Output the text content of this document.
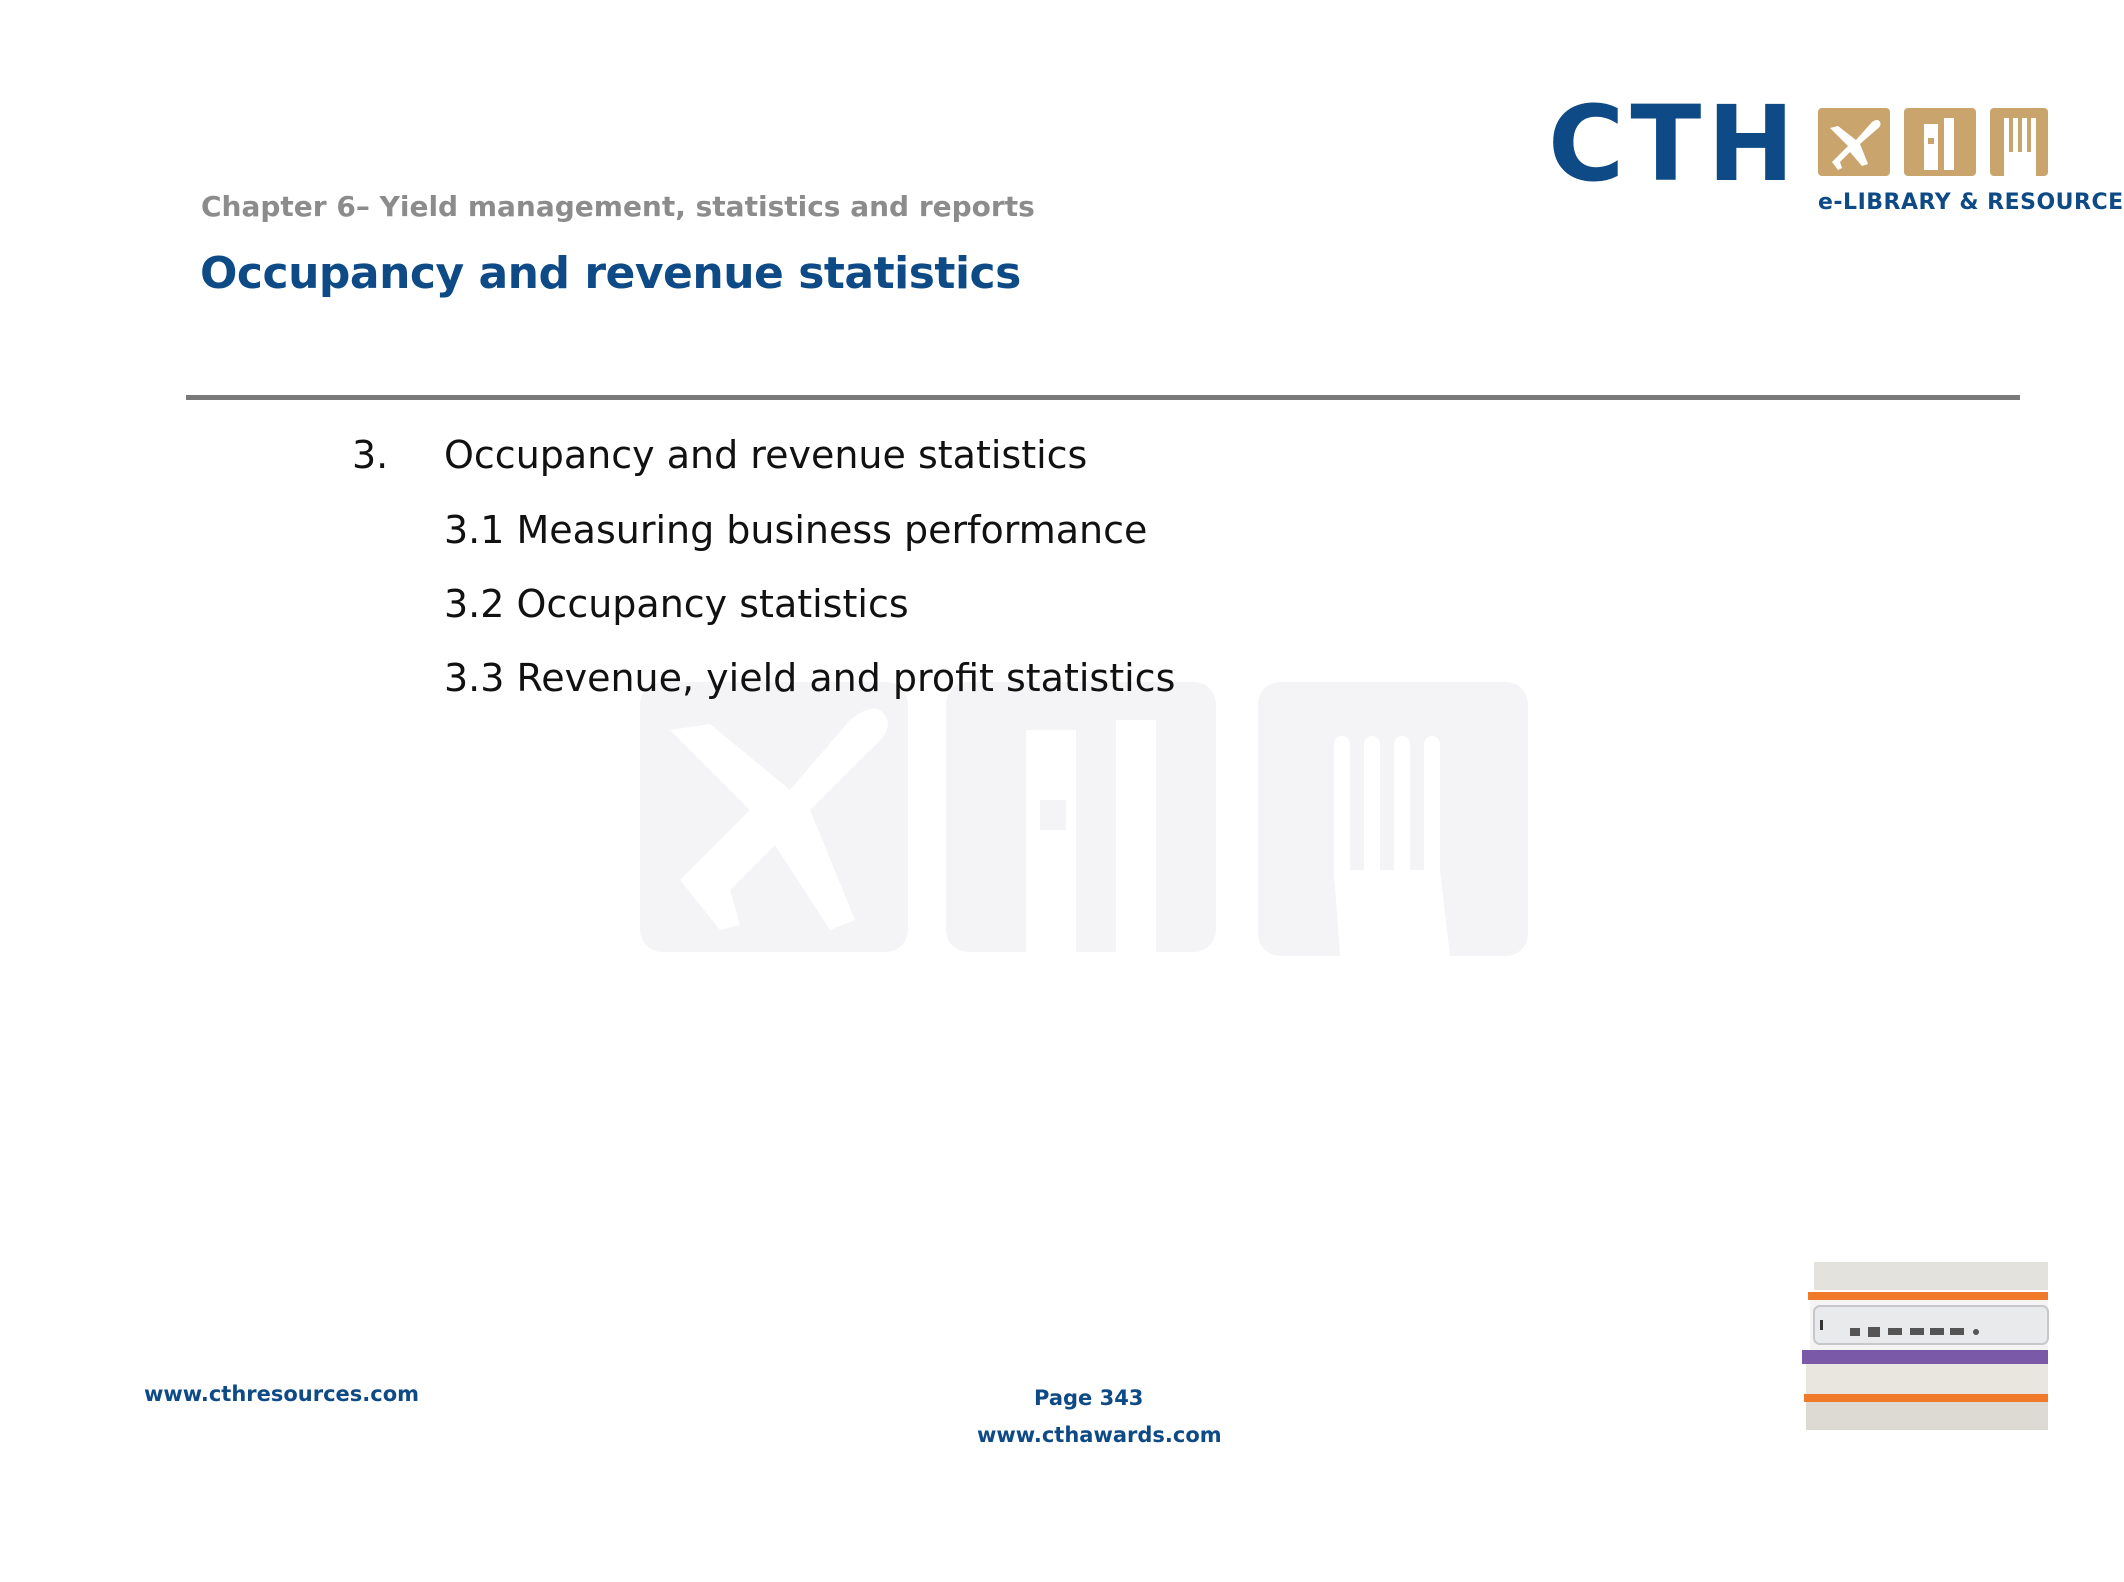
CTH e-LIBRARY & RESOURCE
Chapter 6– Yield management, statistics and reports
Occupancy and revenue statistics
3. Occupancy and revenue statistics
3.1 Measuring business performance
3.2 Occupancy statistics
3.3 Revenue, yield and profit statistics
www.cthresources.com	Page 343
www.cthawards.com
